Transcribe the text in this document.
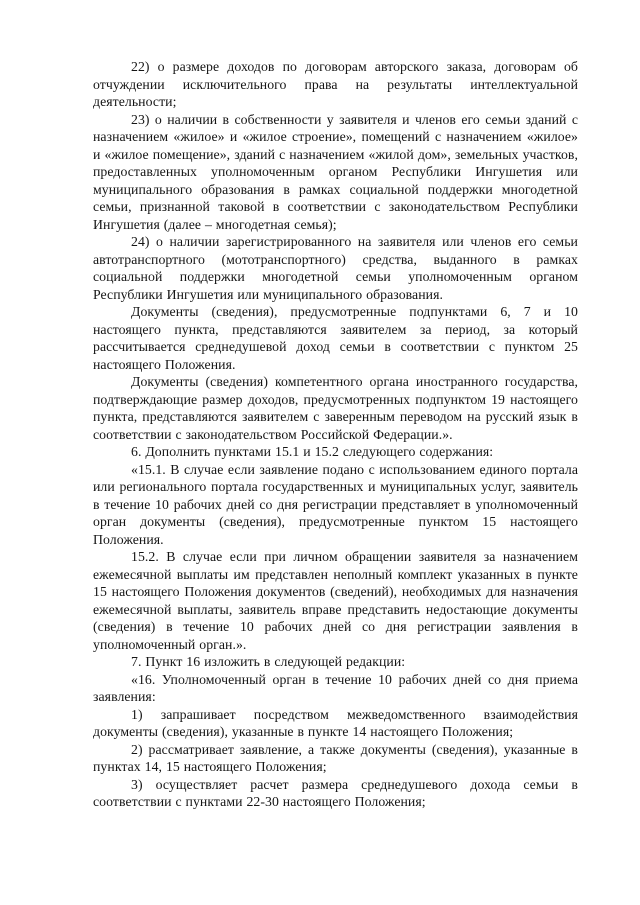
22) о размере доходов по договорам авторского заказа, договорам об отчуждении исключительного права на результаты интеллектуальной деятельности;

23) о наличии в собственности у заявителя и членов его семьи зданий с назначением «жилое» и «жилое строение», помещений с назначением «жилое» и «жилое помещение», зданий с назначением «жилой дом», земельных участков, предоставленных уполномоченным органом Республики Ингушетия или муниципального образования в рамках социальной поддержки многодетной семьи, признанной таковой в соответствии с законодательством Республики Ингушетия (далее – многодетная семья);

24) о наличии зарегистрированного на заявителя или членов его семьи автотранспортного (мототранспортного) средства, выданного в рамках социальной поддержки многодетной семьи уполномоченным органом Республики Ингушетия или муниципального образования.

Документы (сведения), предусмотренные подпунктами 6, 7 и 10 настоящего пункта, представляются заявителем за период, за который рассчитывается среднедушевой доход семьи в соответствии с пунктом 25 настоящего Положения.

Документы (сведения) компетентного органа иностранного государства, подтверждающие размер доходов, предусмотренных подпунктом 19 настоящего пункта, представляются заявителем с заверенным переводом на русский язык в соответствии с законодательством Российской Федерации.».

6. Дополнить пунктами 15.1 и 15.2 следующего содержания:

«15.1. В случае если заявление подано с использованием единого портала или регионального портала государственных и муниципальных услуг, заявитель в течение 10 рабочих дней со дня регистрации представляет в уполномоченный орган документы (сведения), предусмотренные пунктом 15 настоящего Положения.

15.2. В случае если при личном обращении заявителя за назначением ежемесячной выплаты им представлен неполный комплект указанных в пункте 15 настоящего Положения документов (сведений), необходимых для назначения ежемесячной выплаты, заявитель вправе представить недостающие документы (сведения) в течение 10 рабочих дней со дня регистрации заявления в уполномоченный орган.».

7. Пункт 16 изложить в следующей редакции:

«16. Уполномоченный орган в течение 10 рабочих дней со дня приема заявления:

1) запрашивает посредством межведомственного взаимодействия документы (сведения), указанные в пункте 14 настоящего Положения;

2) рассматривает заявление, а также документы (сведения), указанные в пунктах 14, 15 настоящего Положения;

3) осуществляет расчет размера среднедушевого дохода семьи в соответствии с пунктами 22-30 настоящего Положения;
